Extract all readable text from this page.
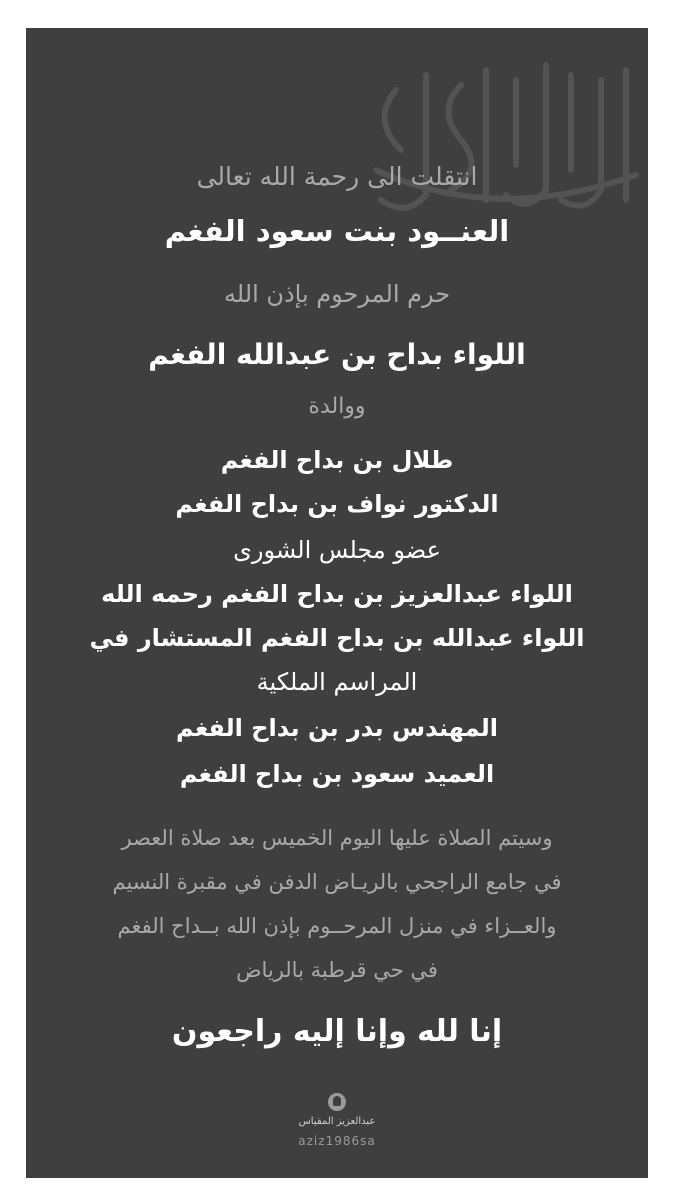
انتقلت الى رحمة الله تعالى
العنــود بنت سعود الفغم
حرم المرحوم بإذن الله
اللواء بداح بن عبدالله الفغم
ووالدة
طلال بن بداح الفغم
الدكتور نواف بن بداح الفغم
عضو مجلس الشورى
اللواء عبدالعزيز بن بداح الفغم رحمه الله
اللواء عبدالله بن بداح الفغم المستشار في
المراسم الملكية
المهندس بدر بن بداح الفغم
العميد سعود بن بداح الفغم
وسيتم الصلاة عليها اليوم الخميس بعد صلاة العصر
في جامع الراجحي بالريـاض الدفن في مقبرة النسيم
والعــزاء في منزل المرحــوم بإذن الله بــداح الفغم
في حي قرطبة بالرياض
إنا لله وإنا إليه راجعون
عبدالعزيز المقياس
aziz1986sa
